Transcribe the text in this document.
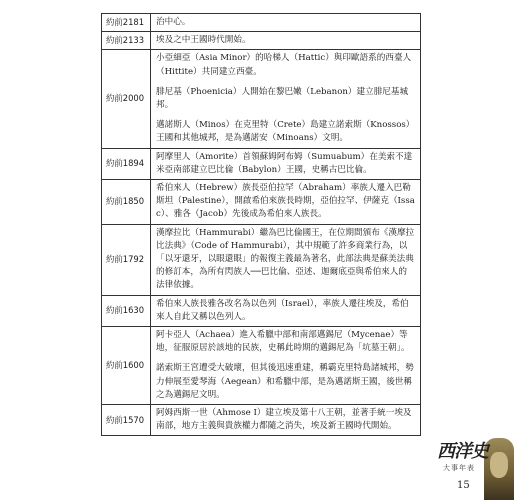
約前2181	治中心。

約前2133	埃及之中王國時代開始。

約前2000	小亞細亞（Asia Minor）的哈梯人（Hattic）與印歐語系的西臺人（Hittite）共同建立西臺。

腓尼基（Phoenicia）人開始在黎巴嫩（Lebanon）建立腓尼基城邦。

邁諾斯人（Minos）在克里特（Crete）島建立諾索斯（Knossos）王國和其他城邦，是為邁諾安（Minoans）文明。

約前1894	阿摩里人（Amorite）首領蘇姆阿布姆（Sumuabum）在美索不達米亞南部建立巴比倫（Babylon）王國，史稱古巴比倫。

約前1850	希伯來人（Hebrew）族長亞伯拉罕（Abraham）率族人遷入巴勒斯坦（Palestine），開啟希伯來族長時期，亞伯拉罕、伊薩克（Issac）、雅各（Jacob）先後成為希伯來人族長。

約前1792	漢摩拉比（Hammurabi）繼為巴比倫國王，在位期間頒布《漢摩拉比法典》（Code of Hammurabi），其中規範了許多商業行為，以「以牙還牙，以眼還眼」的報復主義最為著名，此部法典是蘇美法典的修訂本，為所有閃族人──巴比倫、亞述、迦爾底亞與希伯來人的法律依據。

約前1630	希伯來人族長雅各改名為以色列（Israel），率族人遷往埃及，希伯來人自此又稱以色列人。

約前1600	阿卡亞人（Achaea）進入希臘中部和南部邁錫尼（Mycenae）等地，征服原居於該地的民族，史稱此時期的邁錫尼為「坑墓王朝」。

諾索斯王宮遭受大破壞，但其後迅速重建，稱霸克里特島諸城邦，勢力伸展至愛琴海（Aegean）和希臘中部，是為邁諾斯王國，後世稱之為邁錫尼文明。

約前1570	阿姆西斯一世（Ahmose I）建立埃及第十八王朝，並著手統一埃及南部，地方主義與貴族權力都隨之消失，埃及新王國時代開始。

西洋史
大事年表
15
